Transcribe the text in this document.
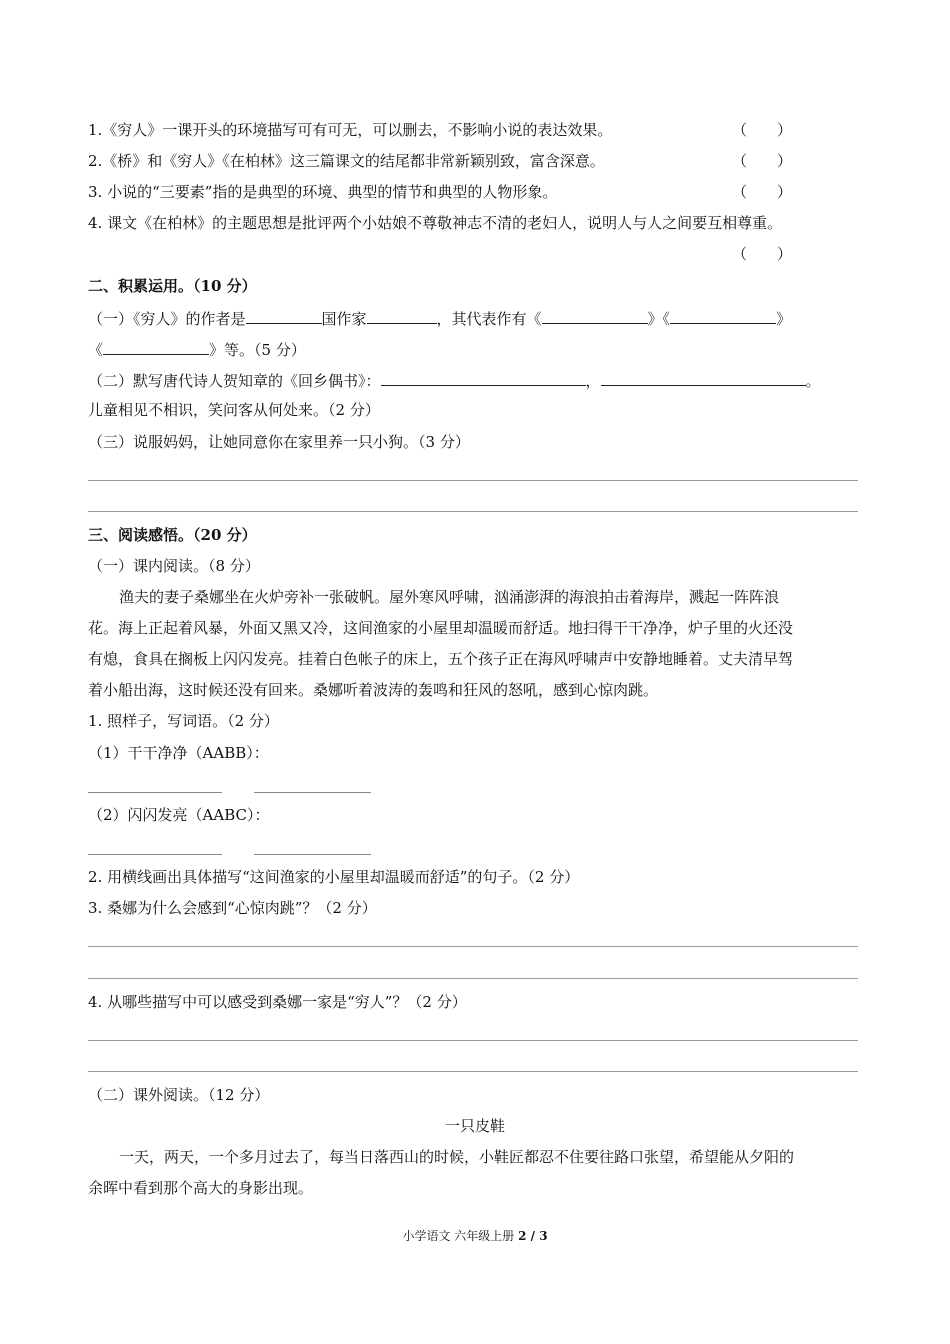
1.《穷人》一课开头的环境描写可有可无，可以删去，不影响小说的表达效果。	（　　）
2.《桥》和《穷人》《在柏林》这三篇课文的结尾都非常新颖别致，富含深意。	（　　）
3. 小说的“三要素”指的是典型的环境、典型的情节和典型的人物形象。	（　　）
4. 课文《在柏林》的主题思想是批评两个小姑娘不尊敬神志不清的老妇人，说明人与人之间要互相尊重。
（　　）
二、积累运用。（10 分）
（一）《穷人》的作者是	国作家	，其代表作有《	》《	》
《	》等。（5 分）
（二）默写唐代诗人贺知章的《回乡偶书》：	，	。
儿童相见不相识，笑问客从何处来。（2 分）
（三）说服妈妈，让她同意你在家里养一只小狗。（3 分）
三、阅读感悟。（20 分）
（一）课内阅读。（8 分）
渔夫的妻子桑娜坐在火炉旁补一张破帆。屋外寒风呼啸，汹涌澎湃的海浪拍击着海岸，溅起一阵阵浪
花。海上正起着风暴，外面又黑又冷，这间渔家的小屋里却温暖而舒适。地扫得干干净净，炉子里的火还没
有熄，食具在搁板上闪闪发亮。挂着白色帐子的床上，五个孩子正在海风呼啸声中安静地睡着。丈夫清早驾
着小船出海，这时候还没有回来。桑娜听着波涛的轰鸣和狂风的怒吼，感到心惊肉跳。
1. 照样子，写词语。（2 分）
（1）干干净净（AABB）：
（2）闪闪发亮（AABC）：
2. 用横线画出具体描写“这间渔家的小屋里却温暖而舒适”的句子。（2 分）
3. 桑娜为什么会感到“心惊肉跳”？（2 分）
4. 从哪些描写中可以感受到桑娜一家是“穷人”？（2 分）
（二）课外阅读。（12 分）
一只皮鞋
一天，两天，一个多月过去了，每当日落西山的时候，小鞋匠都忍不住要往路口张望，希望能从夕阳的
余晖中看到那个高大的身影出现。
小学语文 六年级上册 2 / 3
